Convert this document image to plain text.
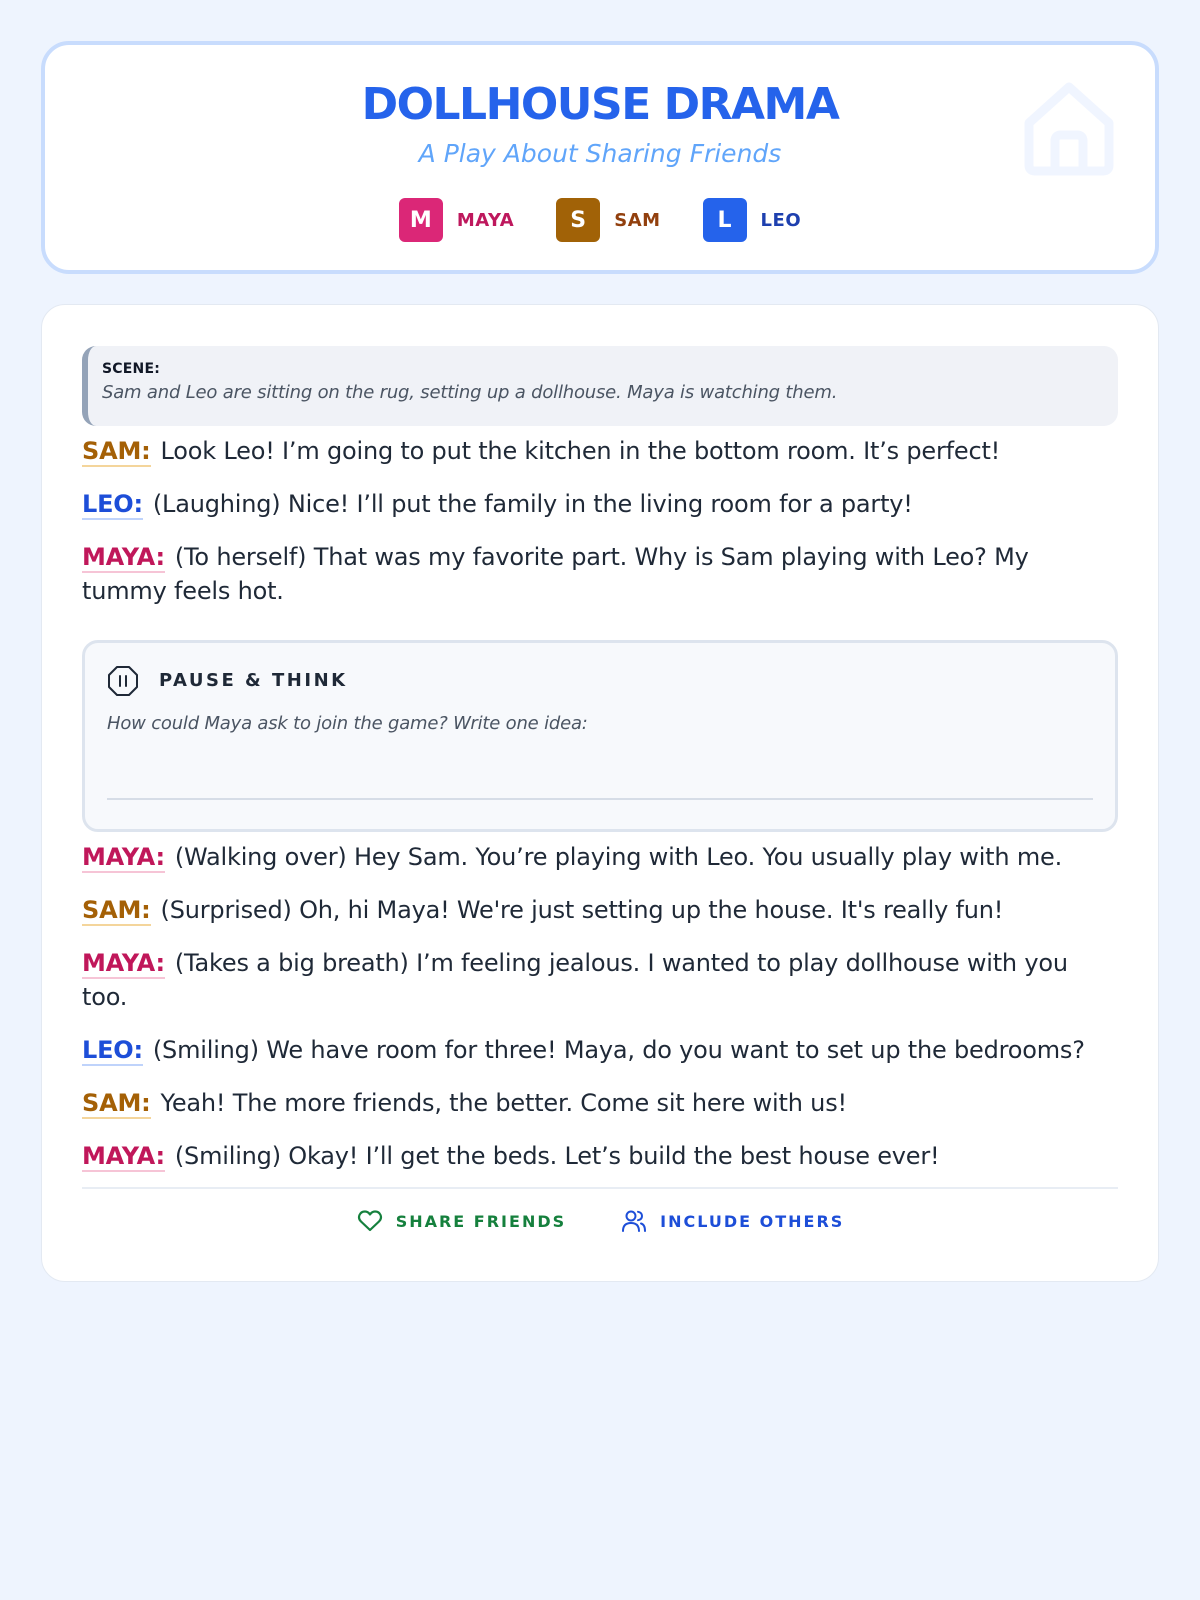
DOLLHOUSE DRAMA
A Play About Sharing Friends
M	MAYA	S	SAM	L	LEO
SCENE:
Sam and Leo are sitting on the rug, setting up a dollhouse. Maya is watching them.
SAM: Look Leo! I’m going to put the kitchen in the bottom room. It’s perfect!
LEO: (Laughing) Nice! I’ll put the family in the living room for a party!
MAYA: (To herself) That was my favorite part. Why is Sam playing with Leo? My tummy feels hot.
PAUSE & THINK
How could Maya ask to join the game? Write one idea:
MAYA: (Walking over) Hey Sam. You’re playing with Leo. You usually play with me.
SAM: (Surprised) Oh, hi Maya! We're just setting up the house. It's really fun!
MAYA: (Takes a big breath) I’m feeling jealous. I wanted to play dollhouse with you too.
LEO: (Smiling) We have room for three! Maya, do you want to set up the bedrooms?
SAM: Yeah! The more friends, the better. Come sit here with us!
MAYA: (Smiling) Okay! I’ll get the beds. Let’s build the best house ever!
SHARE FRIENDS	INCLUDE OTHERS
